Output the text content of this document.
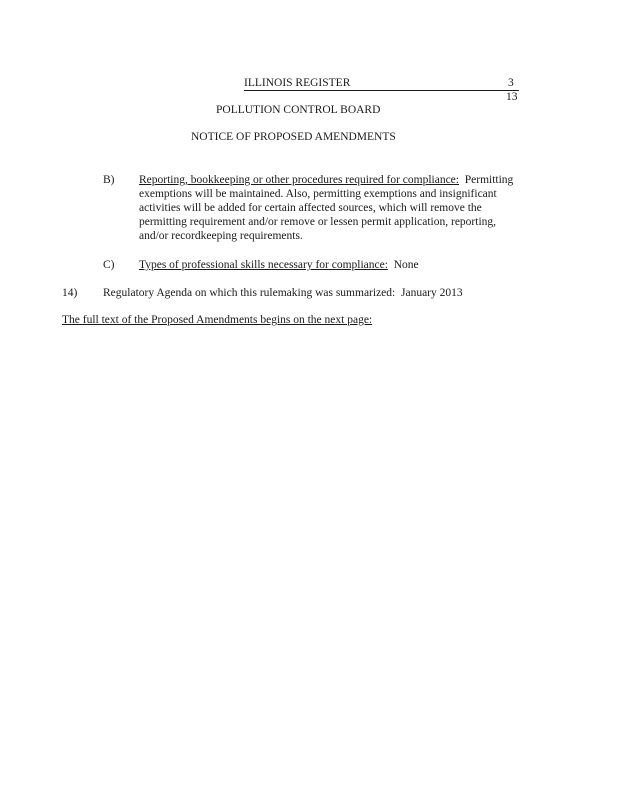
ILLINOIS REGISTER	3
13
POLLUTION CONTROL BOARD
NOTICE OF PROPOSED AMENDMENTS
B) Reporting, bookkeeping or other procedures required for compliance: Permitting exemptions will be maintained. Also, permitting exemptions and insignificant activities will be added for certain affected sources, which will remove the permitting requirement and/or remove or lessen permit application, reporting, and/or recordkeeping requirements.
C) Types of professional skills necessary for compliance: None
14) Regulatory Agenda on which this rulemaking was summarized: January 2013
The full text of the Proposed Amendments begins on the next page:
